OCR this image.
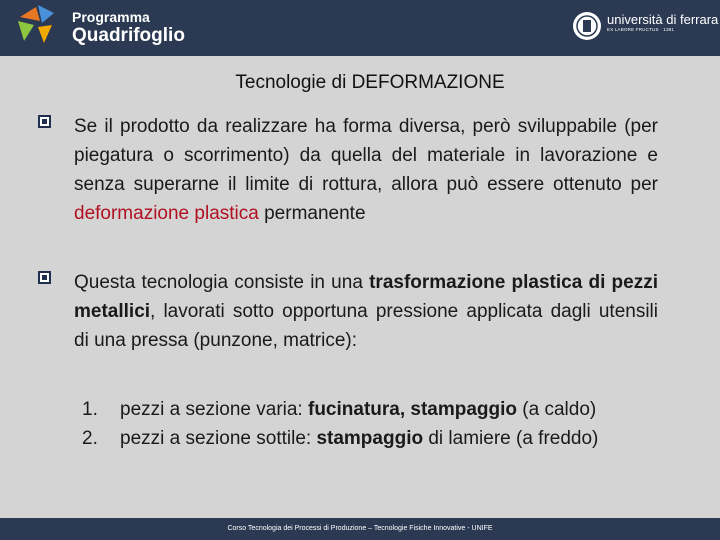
Programma
Quadrifoglio
università di ferrara
EX LABORE FRUCTUS · 1391
Tecnologie di DEFORMAZIONE
Se il prodotto da realizzare ha forma diversa, però sviluppabile (per piegatura o scorrimento) da quella del materiale in lavorazione e senza superarne il limite di rottura, allora può essere ottenuto per deformazione plastica permanente
Questa tecnologia consiste in una trasformazione plastica di pezzi metallici, lavorati sotto opportuna pressione applicata dagli utensili di una pressa (punzone, matrice):
1. pezzi a sezione varia: fucinatura, stampaggio (a caldo)
2. pezzi a sezione sottile: stampaggio di lamiere (a freddo)
Corso Tecnologia dei Processi di Produzione – Tecnologie Fisiche Innovative - UNIFE
